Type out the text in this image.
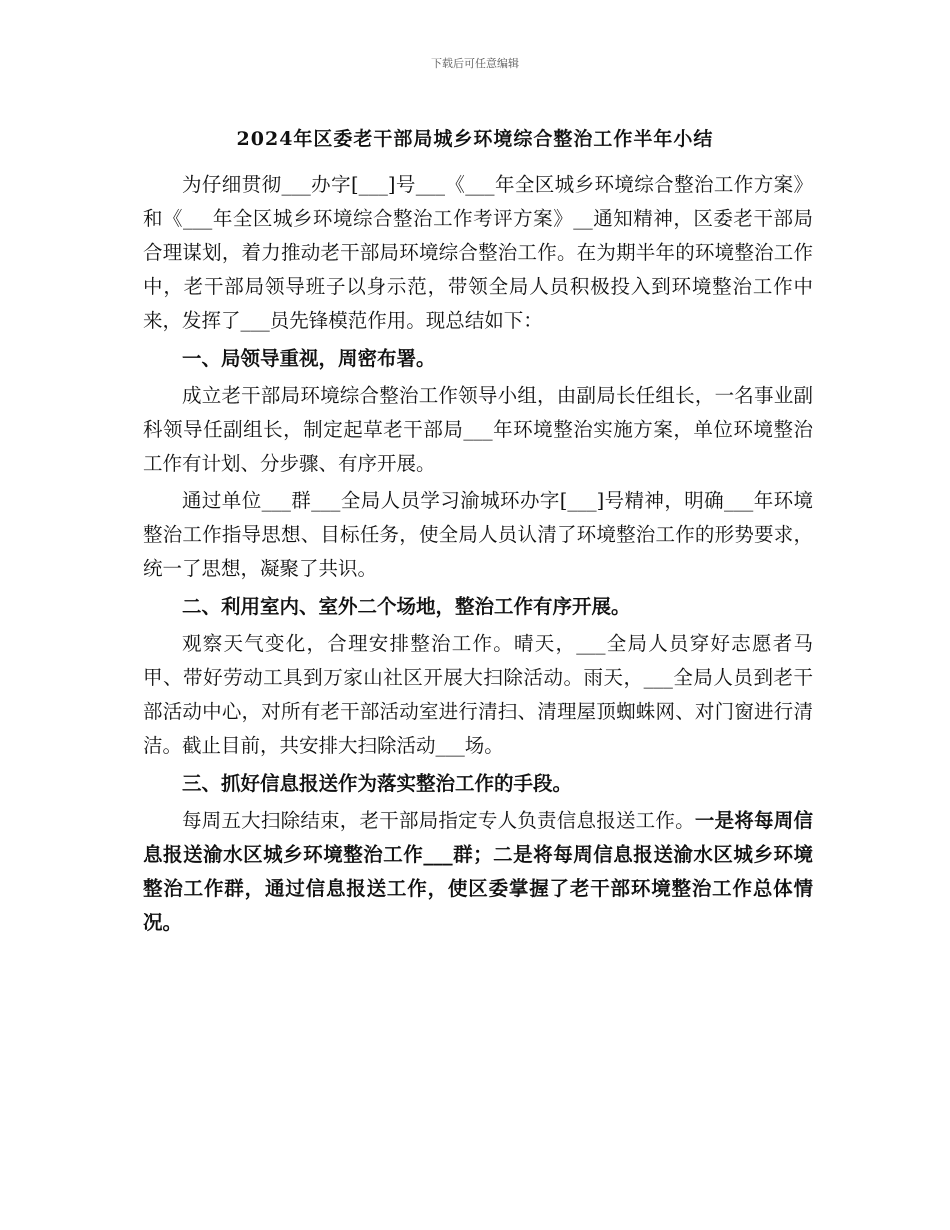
下载后可任意编辑
2024年区委老干部局城乡环境综合整治工作半年小结

为仔细贯彻___办字[___]号___《___年全区城乡环境综合整治工作方案》和《___年全区城乡环境综合整治工作考评方案》__通知精神，区委老干部局合理谋划，着力推动老干部局环境综合整治工作。在为期半年的环境整治工作中，老干部局领导班子以身示范，带领全局人员积极投入到环境整治工作中来，发挥了___员先锋模范作用。现总结如下：

一、局领导重视，周密布署。

成立老干部局环境综合整治工作领导小组，由副局长任组长，一名事业副科领导任副组长，制定起草老干部局___年环境整治实施方案，单位环境整治工作有计划、分步骤、有序开展。

通过单位___群___全局人员学习渝城环办字[___]号精神，明确___年环境整治工作指导思想、目标任务，使全局人员认清了环境整治工作的形势要求，统一了思想，凝聚了共识。

二、利用室内、室外二个场地，整治工作有序开展。

观察天气变化，合理安排整治工作。晴天，___全局人员穿好志愿者马甲、带好劳动工具到万家山社区开展大扫除活动。雨天，___全局人员到老干部活动中心，对所有老干部活动室进行清扫、清理屋顶蜘蛛网、对门窗进行清洁。截止目前，共安排大扫除活动___场。

三、抓好信息报送作为落实整治工作的手段。

每周五大扫除结束，老干部局指定专人负责信息报送工作。一是将每周信息报送渝水区城乡环境整治工作___群；二是将每周信息报送渝水区城乡环境整治工作群，通过信息报送工作，使区委掌握了老干部环境整治工作总体情况。
